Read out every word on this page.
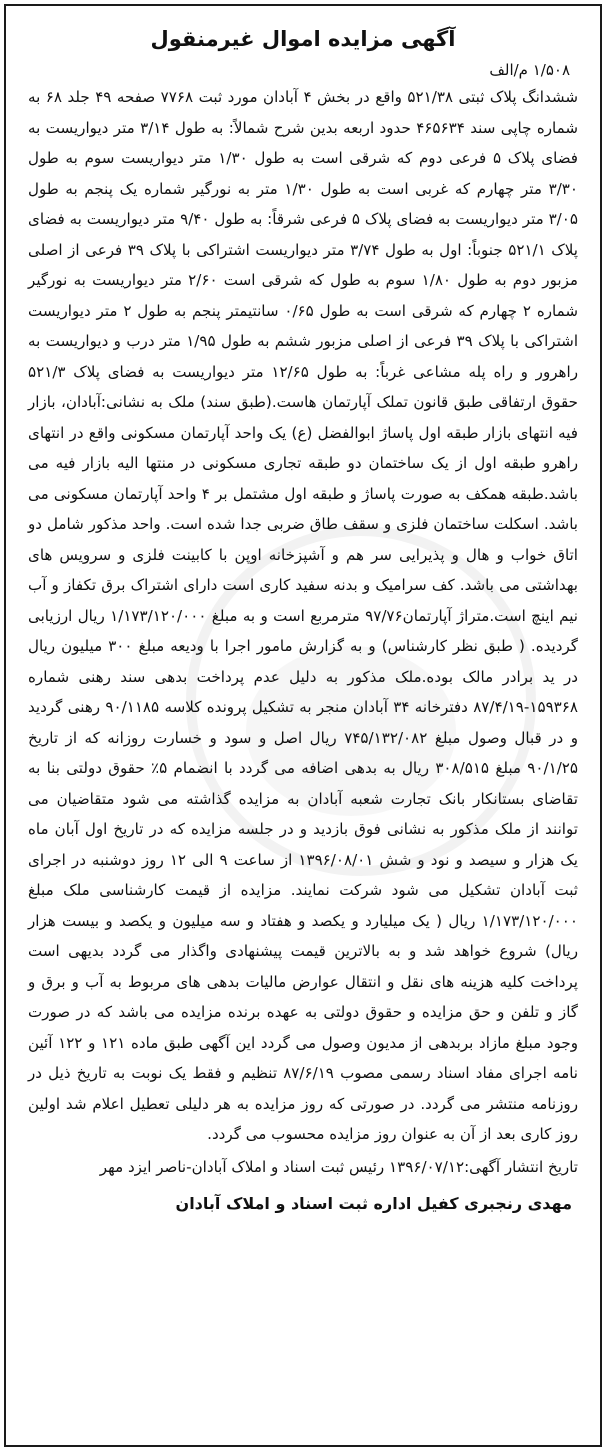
آگهی مزایده اموال غیرمنقول
۱/۵۰۸ م/الف

ششدانگ پلاک ثبتی ۵۲۱/۳۸ واقع در بخش ۴ آبادان مورد ثبت ۷۷۶۸ صفحه ۴۹ جلد ۶۸ به شماره چاپی سند ۴۶۵۶۳۴ حدود اربعه بدین شرح شمالاً: به طول ۳/۱۴ متر دیواریست به فضای پلاک ۵ فرعی دوم که شرقی است به طول ۱/۳۰ متر دیواریست سوم به طول ۳/۳۰ متر چهارم که غربی است به طول ۱/۳۰ متر به نورگیر شماره یک پنجم به طول ۳/۰۵ متر دیواریست به فضای پلاک ۵ فرعی شرقاً: به طول ۹/۴۰ متر دیواریست به فضای پلاک ۵۲۱/۱ جنوباً: اول به طول ۳/۷۴ متر دیواریست اشتراکی با پلاک ۳۹ فرعی از اصلی مزبور دوم به طول ۱/۸۰ سوم به طول که شرقی است ۲/۶۰ متر دیواریست به نورگیر شماره ۲ چهارم که شرقی است به طول ۰/۶۵ سانتیمتر پنجم به طول ۲ متر دیواریست اشتراکی با پلاک ۳۹ فرعی از اصلی مزبور ششم به طول ۱/۹۵ متر درب و دیواریست به راهرور و راه پله مشاعی غرباً: به طول ۱۲/۶۵ متر دیواریست به فضای پلاک ۵۲۱/۳ حقوق ارتفاقی طبق قانون تملک آپارتمان هاست.(طبق سند) ملک به نشانی:آبادان، بازار فیه انتهای بازار طبقه اول پاساژ ابوالفضل (ع) یک واحد آپارتمان مسکونی واقع در انتهای راهرو طبقه اول از یک ساختمان دو طبقه تجاری مسکونی در منتها الیه بازار فیه می باشد.طبقه همکف به صورت پاساژ و طبقه اول مشتمل بر ۴ واحد آپارتمان مسکونی می باشد. اسکلت ساختمان فلزی و سقف طاق ضربی جدا شده است. واحد مذکور شامل دو اتاق خواب و هال و پذیرایی سر هم و آشپزخانه اوپن با کابینت فلزی و سرویس های بهداشتی می باشد. کف سرامیک و بدنه سفید کاری است دارای اشتراک برق تکفاز و آب نیم اینچ است.متراژ آپارتمان۹۷/۷۶ مترمربع است و به مبلغ ۱/۱۷۳/۱۲۰/۰۰۰ ریال ارزیابی گردیده. ( طبق نظر کارشناس) و به گزارش مامور اجرا با ودیعه مبلغ ۳۰۰ میلیون ریال در ید برادر مالک بوده.ملک مذکور به دلیل عدم پرداخت بدهی سند رهنی شماره ۱۵۹۳۶۸-۸۷/۴/۱۹ دفترخانه ۳۴ آبادان منجر به تشکیل پرونده کلاسه ۹۰/۱۱۸۵ رهنی گردید و در قبال وصول مبلغ ۷۴۵/۱۳۲/۰۸۲ ریال اصل و سود و خسارت روزانه که از تاریخ ۹۰/۱/۲۵ مبلغ ۳۰۸/۵۱۵ ریال به بدهی اضافه می گردد با انضمام ۵٪ حقوق دولتی بنا به تقاضای بستانکار بانک تجارت شعبه آبادان به مزایده گذاشته می شود متقاضیان می توانند از ملک مذکور به نشانی فوق بازدید و در جلسه مزایده که در تاریخ اول آبان ماه یک هزار و سیصد و نود و شش ۱۳۹۶/۰۸/۰۱ از ساعت ۹ الی ۱۲ روز دوشنبه در اجرای ثبت آبادان تشکیل می شود شرکت نمایند. مزایده از قیمت کارشناسی ملک مبلغ ۱/۱۷۳/۱۲۰/۰۰۰ ریال ( یک میلیارد و یکصد و هفتاد و سه میلیون و یکصد و بیست هزار ریال) شروع خواهد شد و به بالاترین قیمت پیشنهادی واگذار می گردد بدیهی است پرداخت کلیه هزینه های نقل و انتقال عوارض مالیات بدهی های مربوط به آب و برق و گاز و تلفن و حق مزایده و حقوق دولتی به عهده برنده مزایده می باشد که در صورت وجود مبلغ مازاد بربدهی از مدیون وصول می گردد این آگهی طبق ماده ۱۲۱ و ۱۲۲ آئین نامه اجرای مفاد اسناد رسمی مصوب ۸۷/۶/۱۹ تنظیم و فقط یک نوبت به تاریخ ذیل در روزنامه منتشر می گردد. در صورتی که روز مزایده به هر دلیلی تعطیل اعلام شد اولین روز کاری بعد از آن به عنوان روز مزایده محسوب می گردد.

تاریخ انتشار آگهی:۱۳۹۶/۰۷/۱۲ رئیس ثبت اسناد و املاک آبادان-ناصر ایزد مهر

مهدی رنجبری کفیل اداره ثبت اسناد و املاک آبادان
